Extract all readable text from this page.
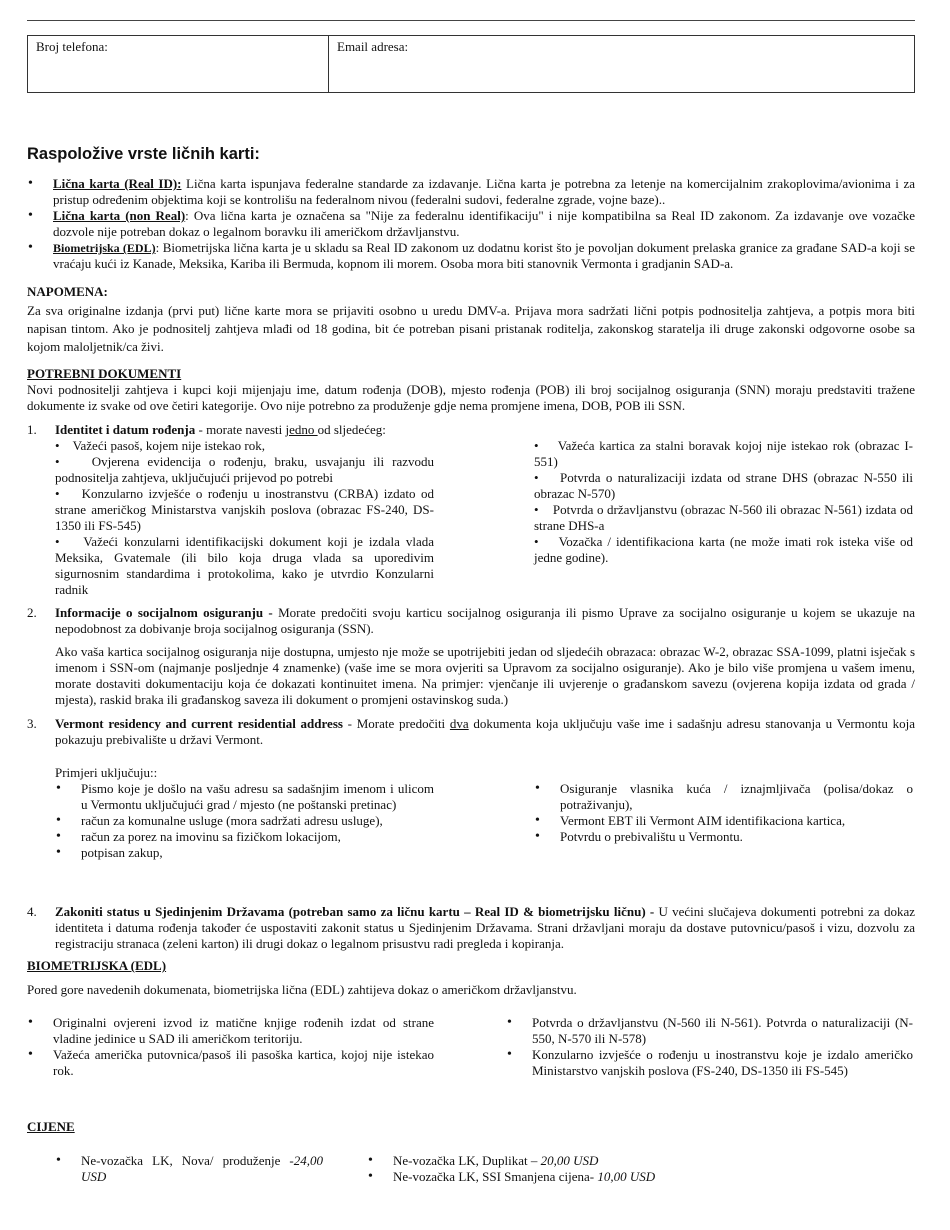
Broj telefona:	Email adresa:
Raspoložive vrste ličnih karti:
• Lična karta (Real ID): Lična karta ispunjava federalne standarde za izdavanje. Lična karta je potrebna za letenje na komercijalnim zrakoplovima/avionima i za pristup određenim objektima koji se kontrolišu na federalnom nivou (federalni sudovi, federalne zgrade, vojne baze)..
• Lična karta (non Real): Ova lična karta je označena sa "Nije za federalnu identifikaciju" i nije kompatibilna sa Real ID zakonom. Za izdavanje ove vozačke dozvole nije potreban dokaz o legalnom boravku ili američkom državljanstvu.
• Biometrijska (EDL): Biometrijska lična karta je u skladu sa Real ID zakonom uz dodatnu korist što je povoljan dokument prelaska granice za građane SAD-a koji se vraćaju kući iz Kanade, Meksika, Kariba ili Bermuda, kopnom ili morem. Osoba mora biti stanovnik Vermonta i gradjanin SAD-a.
NAPOMENA:
Za sva originalne izdanja (prvi put) lične karte mora se prijaviti osobno u uredu DMV-a. Prijava mora sadržati lični potpis podnositelja zahtjeva, a potpis mora biti napisan tintom. Ako je podnositelj zahtjeva mlađi od 18 godina, bit će potreban pisani pristanak roditelja, zakonskog staratelja ili druge zakonski odgovorne osobe sa kojom maloljetnik/ca živi.
POTREBNI DOKUMENTI
Novi podnositelji zahtjeva i kupci koji mijenjaju ime, datum rođenja (DOB), mjesto rođenja (POB) ili broj socijalnog osiguranja (SNN) moraju predstaviti tražene dokumente iz svake od ove četiri kategorije. Ovo nije potrebno za produženje gdje nema promjene imena, DOB, POB ili SSN.
1. Identitet i datum rođenja - morate navesti jedno od sljedećeg:
•    Važeći pasoš, kojem nije istekao rok,
•    Ovjerena evidencija o rođenju, braku, usvajanju ili razvodu podnositelja zahtjeva, uključujući prijevod po potrebi
•    Konzularno izvješće o rođenju u inostranstvu (CRBA) izdato od strane američkog Ministarstva vanjskih poslova (obrazac FS-240, DS-1350 ili FS-545)
•    Važeći konzularni identifikacijski dokument koji je izdala vlada Meksika, Gvatemale (ili bilo koja druga vlada sa uporedivim sigurnosnim standardima i protokolima, kako je utvrdio Konzularni radnik
•    Važeća kartica za stalni boravak kojoj nije istekao rok (obrazac I-551)
•    Potvrda o naturalizaciji izdata od strane DHS (obrazac N-550 ili obrazac N-570)
•    Potvrda o državljanstvu (obrazac N-560 ili obrazac N-561) izdata od strane DHS-a
•    Vozačka / identifikaciona karta (ne može imati rok isteka više od jedne godine).
2. Informacije o socijalnom osiguranju - Morate predočiti svoju karticu socijalnog osiguranja ili pismo Uprave za socijalno osiguranje u kojem se ukazuje na nepodobnost za dobivanje broja socijalnog osiguranja (SSN).
Ako vaša kartica socijalnog osiguranja nije dostupna, umjesto nje može se upotrijebiti jedan od sljedećih obrazaca: obrazac W-2, obrazac SSA-1099, platni isječak s imenom i SSN-om (najmanje posljednje 4 znamenke) (vaše ime se mora ovjeriti sa Upravom za socijalno osiguranje). Ako je bilo više promjena u vašem imenu, morate dostaviti dokumentaciju koja će dokazati kontinuitet imena. Na primjer: vjenčanje ili uvjerenje o građanskom savezu (ovjerena kopija izdata od grada / mjesta), raskid braka ili građanskog saveza ili dokument o promjeni ostavinskog suda.)
3. Vermont residency and current residential address - Morate predočiti dva dokumenta koja uključuju vaše ime i sadašnju adresu stanovanja u Vermontu koja pokazuju prebivalište u državi Vermont.
Primjeri uključuju::
• Pismo koje je došlo na vašu adresu sa sadašnjim imenom i ulicom u Vermontu uključujući grad / mjesto (ne poštanski pretinac)
• račun za komunalne usluge (mora sadržati adresu usluge),
• račun za porez na imovinu sa fizičkom lokacijom,
• potpisan zakup,
• Osiguranje vlasnika kuća / iznajmljivača (polisa/dokaz o potraživanju),
• Vermont EBT ili Vermont AIM identifikaciona kartica,
• Potvrdu o prebivalištu u Vermontu.
4. Zakoniti status u Sjedinjenim Državama (potreban samo za ličnu kartu – Real ID & biometrijsku ličnu) - U većini slučajeva dokumenti potrebni za dokaz identiteta i datuma rođenja također će uspostaviti zakonit status u Sjedinjenim Državama. Strani državljani moraju da dostave putovnicu/pasoš i vizu, dozvolu za registraciju stranaca (zeleni karton) ili drugi dokaz o legalnom prisustvu radi pregleda i kopiranja.
BIOMETRIJSKA (EDL)
Pored gore navedenih dokumenata, biometrijska lična (EDL) zahtijeva dokaz o američkom državljanstvu.
• Originalni ovjereni izvod iz matične knjige rođenih izdat od strane vladine jedinice u SAD ili američkom teritoriju.
• Važeća američka putovnica/pasoš ili pasoška kartica, kojoj nije istekao rok.
• Potvrda o državljanstvu (N-560 ili N-561). Potvrda o naturalizaciji (N-550, N-570 ili N-578)
• Konzularno izvješće o rođenju u inostranstvu koje je izdalo američko Ministarstvo vanjskih poslova (FS-240, DS-1350 ili FS-545)
CIJENE
• Ne-vozačka LK, Nova/ produženje -24,00 USD
• Ne-vozačka LK, Duplikat – 20,00 USD
• Ne-vozačka LK, SSI Smanjena cijena- 10,00 USD
